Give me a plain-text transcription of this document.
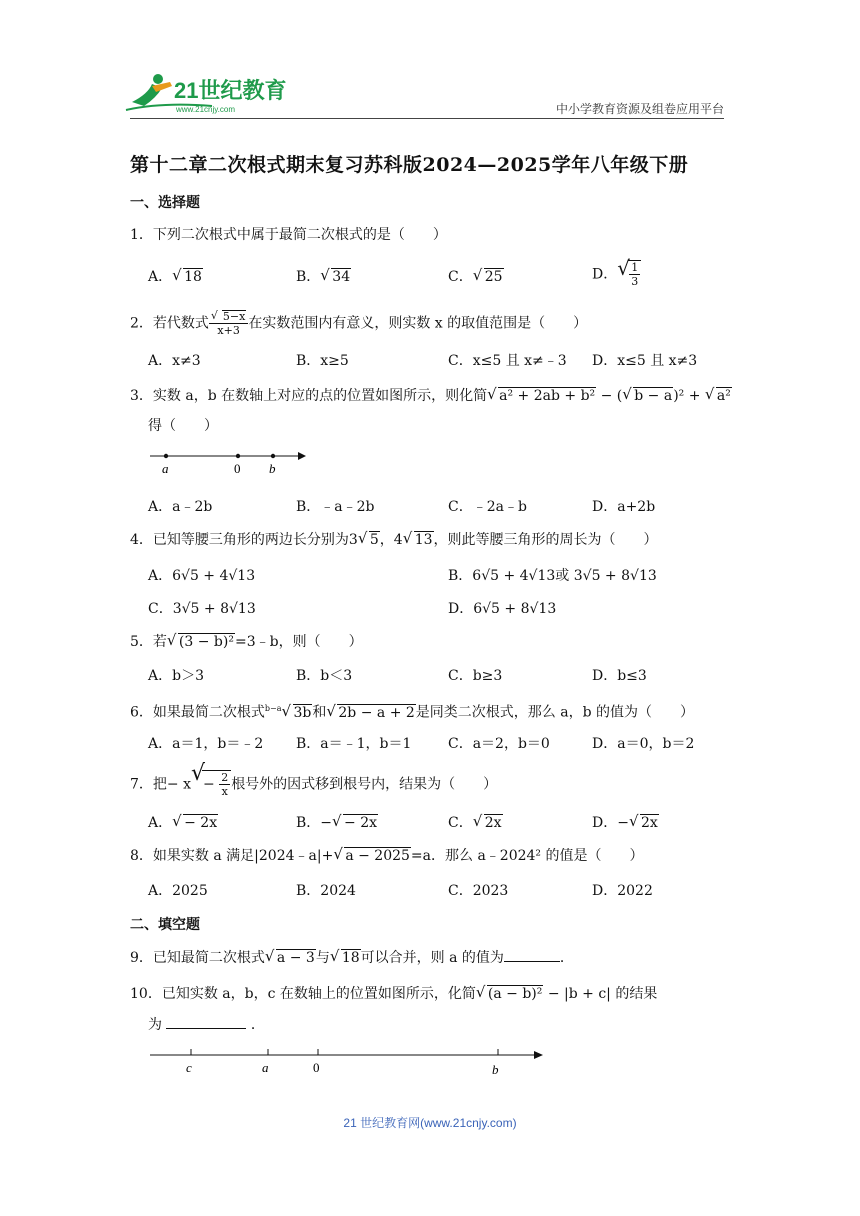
21世纪教育
www.21cnjy.com	中小学教育资源及组卷应用平台
第十二章二次根式期末复习苏科版2024—2025学年八年级下册
一、选择题
1．下列二次根式中属于最简二次根式的是（　　）
A． √ 18	B． √ 34	C． √ 25	D． √ $\frac{1}{3}$
2．若代数式 $\frac{√ 5-x}{x+3}$ 在实数范围内有意义，则实数 x 的取值范围是（　　）
A．x≠3	B．x≥5	C．x≤5 且 x≠﹣3 D．x≤5 且 x≠3
3．实数 a，b 在数轴上对应的点的位置如图所示，则化简 √ a² + 2ab + b² − ( √ b − a)² + √ a²
得（　　）
a	0 b
A．a﹣2b	B．﹣a﹣2b	C．﹣2a﹣b	D．a+2b
4．已知等腰三角形的两边长分别为3 √ 5，4 √ 13，则此等腰三角形的周长为（　　）
A．6√5 + 4√13	B．6√5 + 4√13或 3√5 + 8√13
C．3√5 + 8√13	D．6√5 + 8√13
5．若 √ (3 − b)²=3﹣b，则（　　）
A．b＞3	B．b＜3	C．b≥3	D．b≤3
6．如果最简二次根式$^{b-a}$ √ 3b和 √ 2b − a + 2是同类二次根式，那么 a，b 的值为（　　）
A．a＝1，b＝﹣2 B．a＝﹣1，b＝1	C．a＝2，b＝0	D．a＝0，b＝2
7．把− x √
− $\frac{2}{x}$ 根号外的因式移到根号内，结果为（　　）
A． √ − 2x	B．− √ − 2x	C． √ 2x	D．− √ 2x
8．如果实数 a 满足|2024﹣a|+ √ a − 2025=a．那么 a﹣2024² 的值是（　　）
A．2025	B．2024	C．2023	D．2022
二、填空题
9．已知最简二次根式 √ a − 3与 √ 18可以合并，则 a 的值为	．
10．已知实数 a，b，c 在数轴上的位置如图所示，化简 √ (a − b)² − |b + c| 的结果
为	．
c	a	0	b
21 世纪教育网(www.21cnjy.com)
